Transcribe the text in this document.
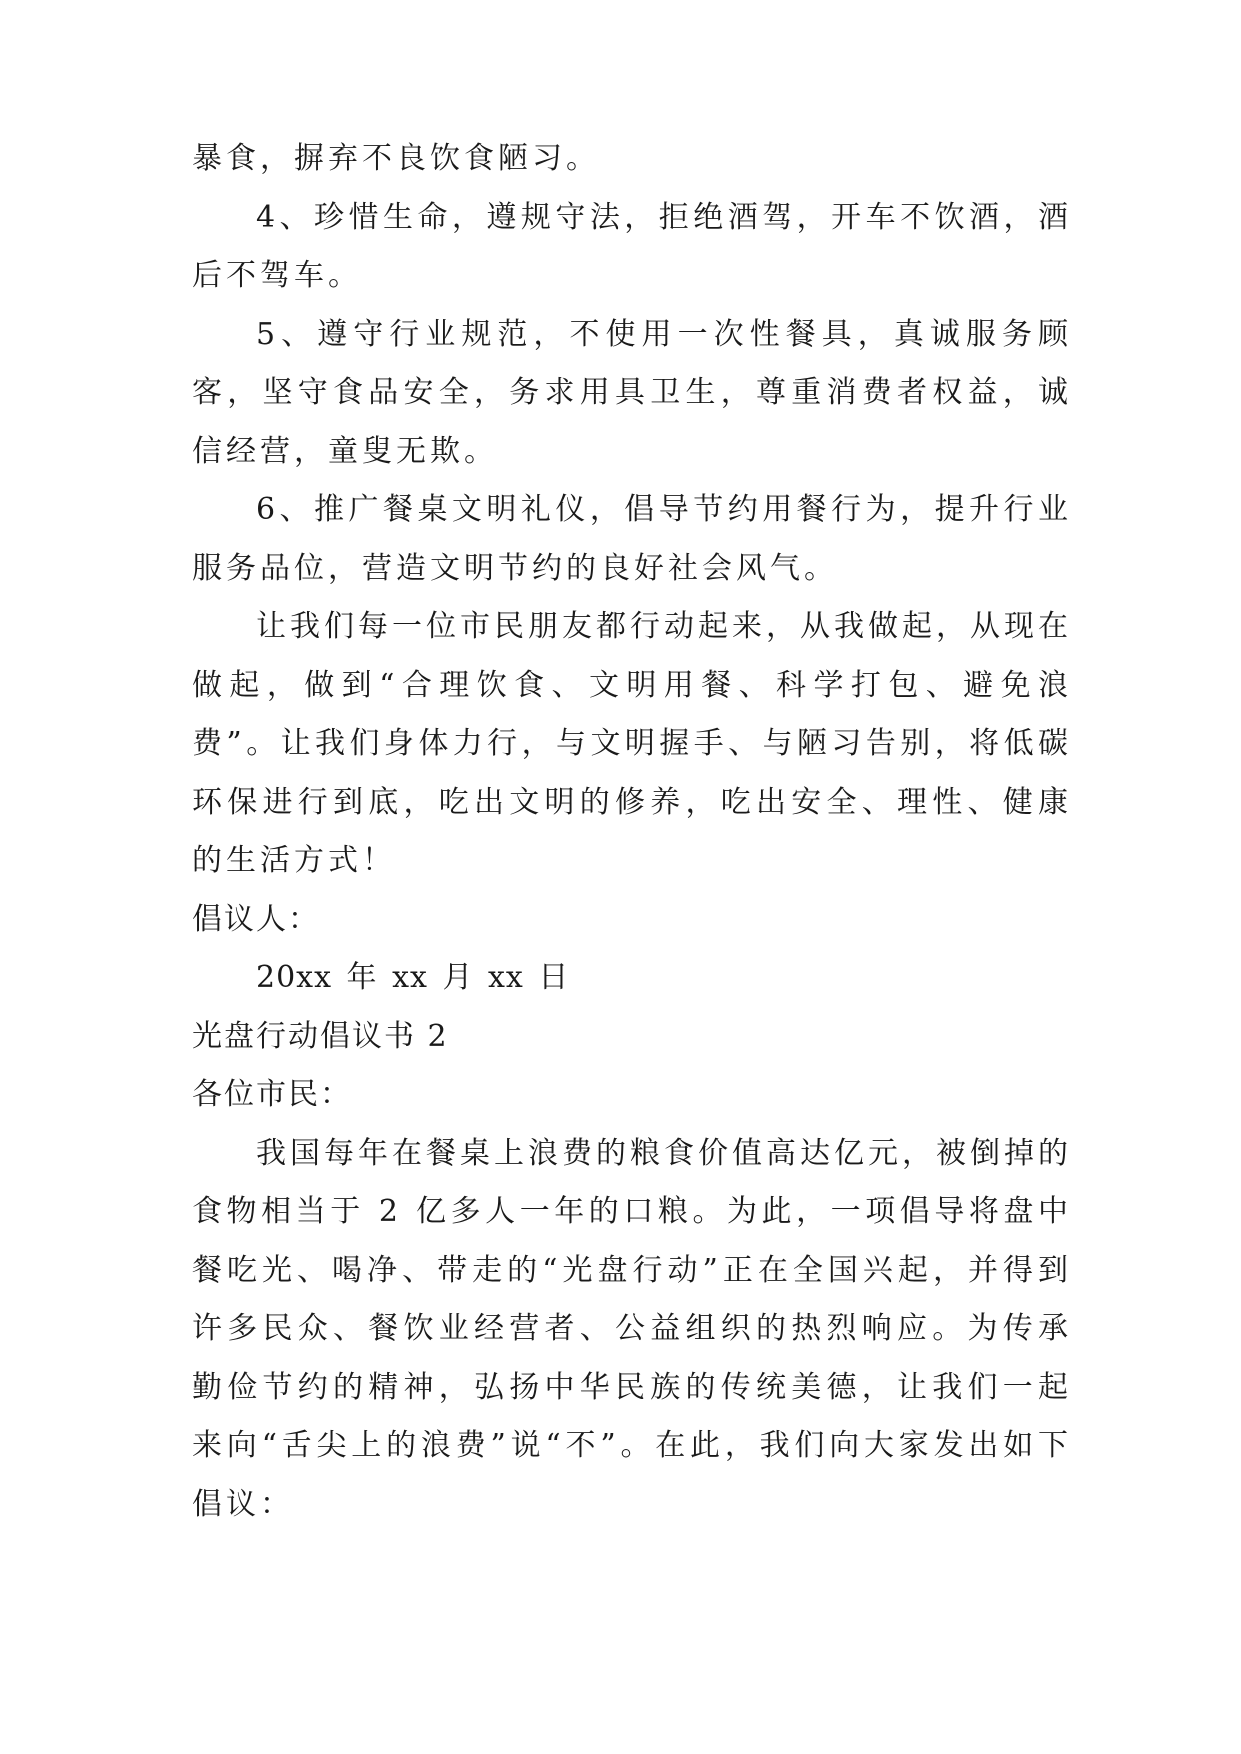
暴食，摒弃不良饮食陋习。

4、珍惜生命，遵规守法，拒绝酒驾，开车不饮酒，酒后不驾车。

5、遵守行业规范，不使用一次性餐具，真诚服务顾客，坚守食品安全，务求用具卫生，尊重消费者权益，诚信经营，童叟无欺。

6、推广餐桌文明礼仪，倡导节约用餐行为，提升行业服务品位，营造文明节约的良好社会风气。

让我们每一位市民朋友都行动起来，从我做起，从现在做起，做到“合理饮食、文明用餐、科学打包、避免浪费”。让我们身体力行，与文明握手、与陋习告别，将低碳环保进行到底，吃出文明的修养，吃出安全、理性、健康的生活方式！

倡议人：

20xx 年 xx 月 xx 日

光盘行动倡议书 2

各位市民：

我国每年在餐桌上浪费的粮食价值高达亿元，被倒掉的食物相当于 2 亿多人一年的口粮。为此，一项倡导将盘中餐吃光、喝净、带走的“光盘行动”正在全国兴起，并得到许多民众、餐饮业经营者、公益组织的热烈响应。为传承勤俭节约的精神，弘扬中华民族的传统美德，让我们一起来向“舌尖上的浪费”说“不”。在此，我们向大家发出如下倡议：
